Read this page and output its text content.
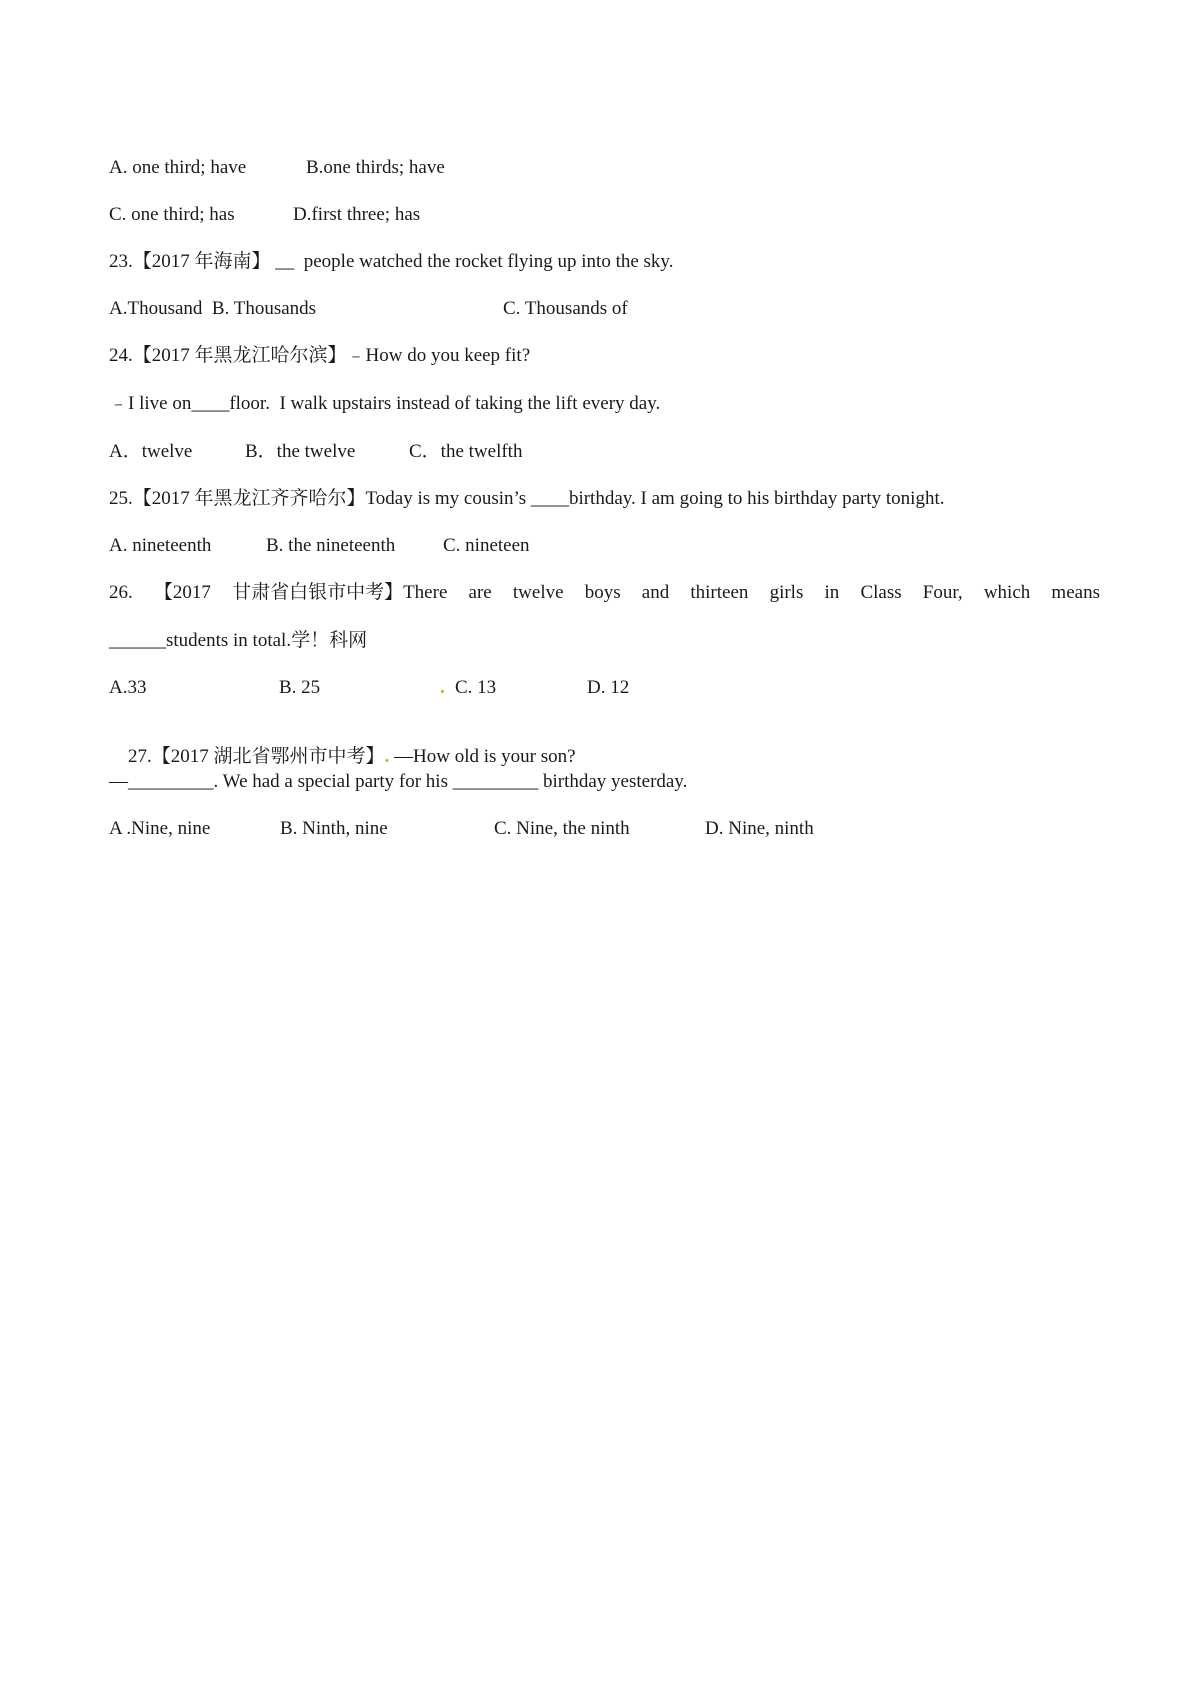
A. one third; have

	B.one thirds; have

C. one third; has

	D.first three; has

23.【2017 年海南】 __  people watched the rocket flying up into the sky.

A.Thousand  B. Thousands

	C. Thousands of

24.【2017 年黑龙江哈尔滨】﹣How do you keep fit?
﹣I live on____floor.  I walk upstairs instead of taking the lift every day.

A．twelve

	B．the twelve

	C．the twelfth

25.【2017 年黑龙江齐齐哈尔】Today is my cousin’s ____birthday. I am going to his birthday party tonight.

A. nineteenth

	B. the nineteenth

	C. nineteen

26. 【2017 甘肃省白银市中考】There are twelve boys and thirteen girls in Class Four, which means
______students in total.学！科网

A.33

	B. 25

	.

C. 13

	D. 12

27.【2017 湖北省鄂州市中考】. —How old is your son?

—_________. We had a special party for his _________ birthday yesterday.

A .Nine, nine

	B. Ninth, nine

	C. Nine, the ninth

	D. Nine, ninth
